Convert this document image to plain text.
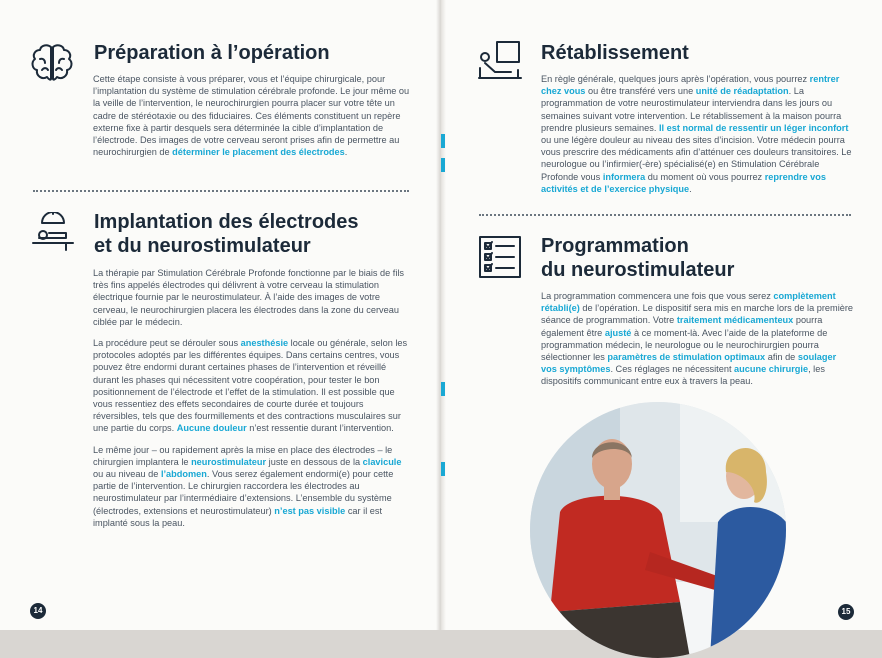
Préparation à l’opération

Cette étape consiste à vous préparer, vous et l’équipe chirurgicale, pour l’implantation du système de stimulation cérébrale profonde. Le jour même ou la veille de l’intervention, le neurochirurgien pourra placer sur votre tête un cadre de stéréotaxie ou des fiduciaires. Ces éléments constituent un repère externe fixe à partir desquels sera déterminée la cible d’implantation de l’électrode. Des images de votre cerveau seront prises afin de permettre au neurochirurgien de déterminer le placement des électrodes.

Implantation des électrodes
et du neurostimulateur

La thérapie par Stimulation Cérébrale Profonde fonctionne par le biais de fils très fins appelés électrodes qui délivrent à votre cerveau la stimulation électrique fournie par le neurostimulateur. À l’aide des images de votre cerveau, le neurochirurgien placera les électrodes dans la zone du cerveau ciblée par le médecin.

La procédure peut se dérouler sous anesthésie locale ou générale, selon les protocoles adoptés par les différentes équipes. Dans certains centres, vous pouvez être endormi durant certaines phases de l’intervention et réveillé durant les phases qui nécessitent votre coopération, pour tester le bon positionnement de l’électrode et l’effet de la stimulation. Il est possible que vous ressentiez des effets secondaires de courte durée et toujours réversibles, tels que des fourmillements et des contractions musculaires sur une partie du corps. Aucune douleur n’est ressentie durant l’intervention.

Le même jour – ou rapidement après la mise en place des électrodes – le chirurgien implantera le neurostimulateur juste en dessous de la clavicule ou au niveau de l’abdomen. Vous serez également endormi(e) pour cette partie de l’intervention. Le chirurgien raccordera les électrodes au neurostimulateur par l’intermédiaire d’extensions. L’ensemble du système (électrodes, extensions et neurostimulateur) n’est pas visible car il est implanté sous la peau.

14
Rétablissement

En règle générale, quelques jours après l’opération, vous pourrez rentrer chez vous ou être transféré vers une unité de réadaptation. La programmation de votre neurostimulateur interviendra dans les jours ou semaines suivant votre intervention. Le rétablissement à la maison pourra prendre plusieurs semaines. Il est normal de ressentir un léger inconfort ou une légère douleur au niveau des sites d’incision. Votre médecin pourra vous prescrire des médicaments afin d’atténuer ces douleurs transitoires. Le neurologue ou l’infirmier(-ère) spécialisé(e) en Stimulation Cérébrale Profonde vous informera du moment où vous pourrez reprendre vos activités et de l’exercice physique.

Programmation
du neurostimulateur

La programmation commencera une fois que vous serez complètement rétabli(e) de l’opération. Le dispositif sera mis en marche lors de la première séance de programmation. Votre traitement médicamenteux pourra également être ajusté à ce moment-là. Avec l’aide de la plateforme de programmation médecin, le neurologue ou le neurochirurgien pourra sélectionner les paramètres de stimulation optimaux afin de soulager vos symptômes. Ces réglages ne nécessitent aucune chirurgie, les dispositifs communicant entre eux à travers la peau.

15
